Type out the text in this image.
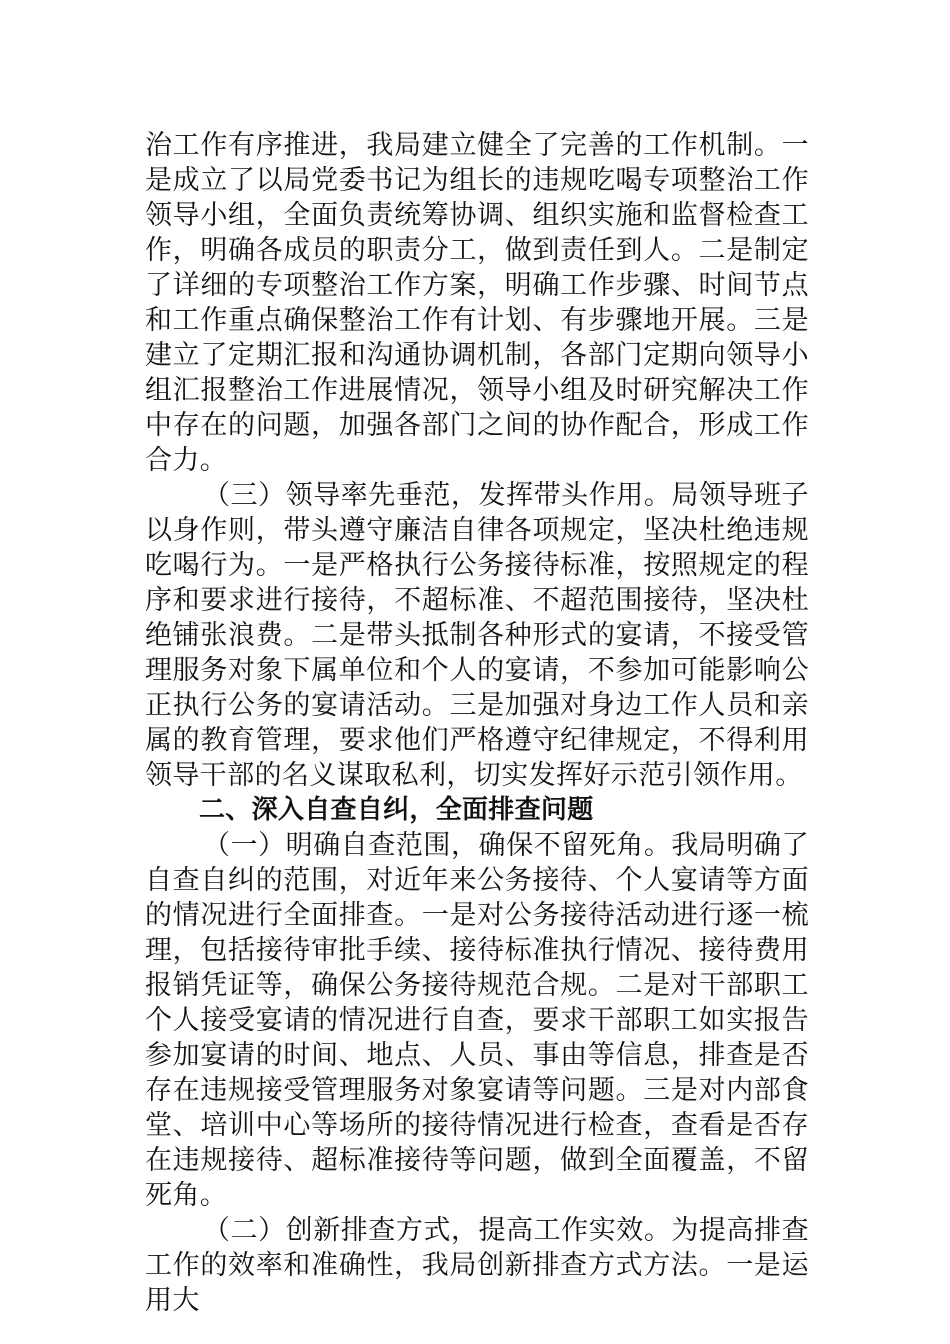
治工作有序推进，我局建立健全了完善的工作机制。一是成立了以局党委书记为组长的违规吃喝专项整治工作领导小组，全面负责统筹协调、组织实施和监督检查工作，明确各成员的职责分工，做到责任到人。二是制定了详细的专项整治工作方案，明确工作步骤、时间节点和工作重点确保整治工作有计划、有步骤地开展。三是建立了定期汇报和沟通协调机制，各部门定期向领导小组汇报整治工作进展情况，领导小组及时研究解决工作中存在的问题，加强各部门之间的协作配合，形成工作合力。

（三）领导率先垂范，发挥带头作用。局领导班子以身作则，带头遵守廉洁自律各项规定，坚决杜绝违规吃喝行为。一是严格执行公务接待标准，按照规定的程序和要求进行接待，不超标准、不超范围接待，坚决杜绝铺张浪费。二是带头抵制各种形式的宴请，不接受管理服务对象下属单位和个人的宴请，不参加可能影响公正执行公务的宴请活动。三是加强对身边工作人员和亲属的教育管理，要求他们严格遵守纪律规定，不得利用领导干部的名义谋取私利，切实发挥好示范引领作用。

二、深入自查自纠，全面排查问题

（一）明确自查范围，确保不留死角。我局明确了自查自纠的范围，对近年来公务接待、个人宴请等方面的情况进行全面排查。一是对公务接待活动进行逐一梳理，包括接待审批手续、接待标准执行情况、接待费用报销凭证等，确保公务接待规范合规。二是对干部职工个人接受宴请的情况进行自查，要求干部职工如实报告参加宴请的时间、地点、人员、事由等信息，排查是否存在违规接受管理服务对象宴请等问题。三是对内部食堂、培训中心等场所的接待情况进行检查，查看是否存在违规接待、超标准接待等问题，做到全面覆盖，不留死角。

（二）创新排查方式，提高工作实效。为提高排查工作的效率和准确性，我局创新排查方式方法。一是运用大
